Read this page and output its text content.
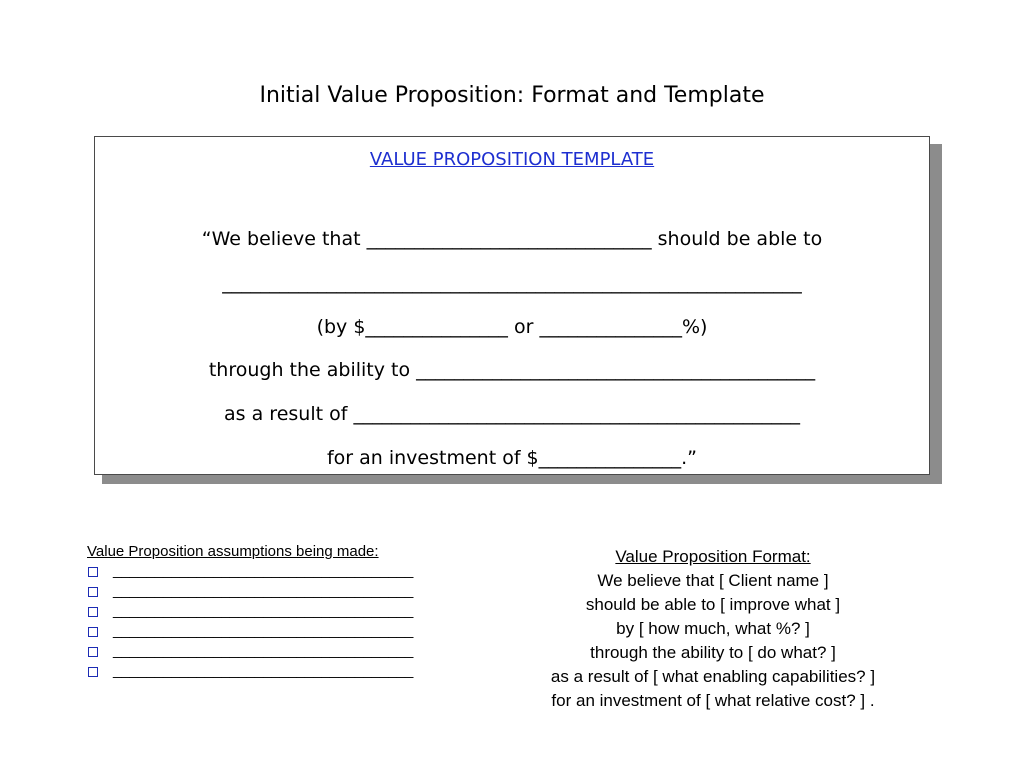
Initial Value Proposition: Format and Template
VALUE PROPOSITION TEMPLATE
“We believe that ______________________________ should be able to
_____________________________________________________________
(by $_______________ or _______________%)
through the ability to __________________________________________
as a result of _______________________________________________
for an investment of $_______________.”
Value Proposition assumptions being made:
____________________________________
____________________________________
____________________________________
____________________________________
____________________________________
____________________________________
Value Proposition Format:
We believe that [ Client name ]
should be able to [ improve what ]
by [ how much, what %? ]
through the ability to [ do what? ]
as a result of [ what enabling capabilities? ]
for an investment of [ what relative cost? ] .
